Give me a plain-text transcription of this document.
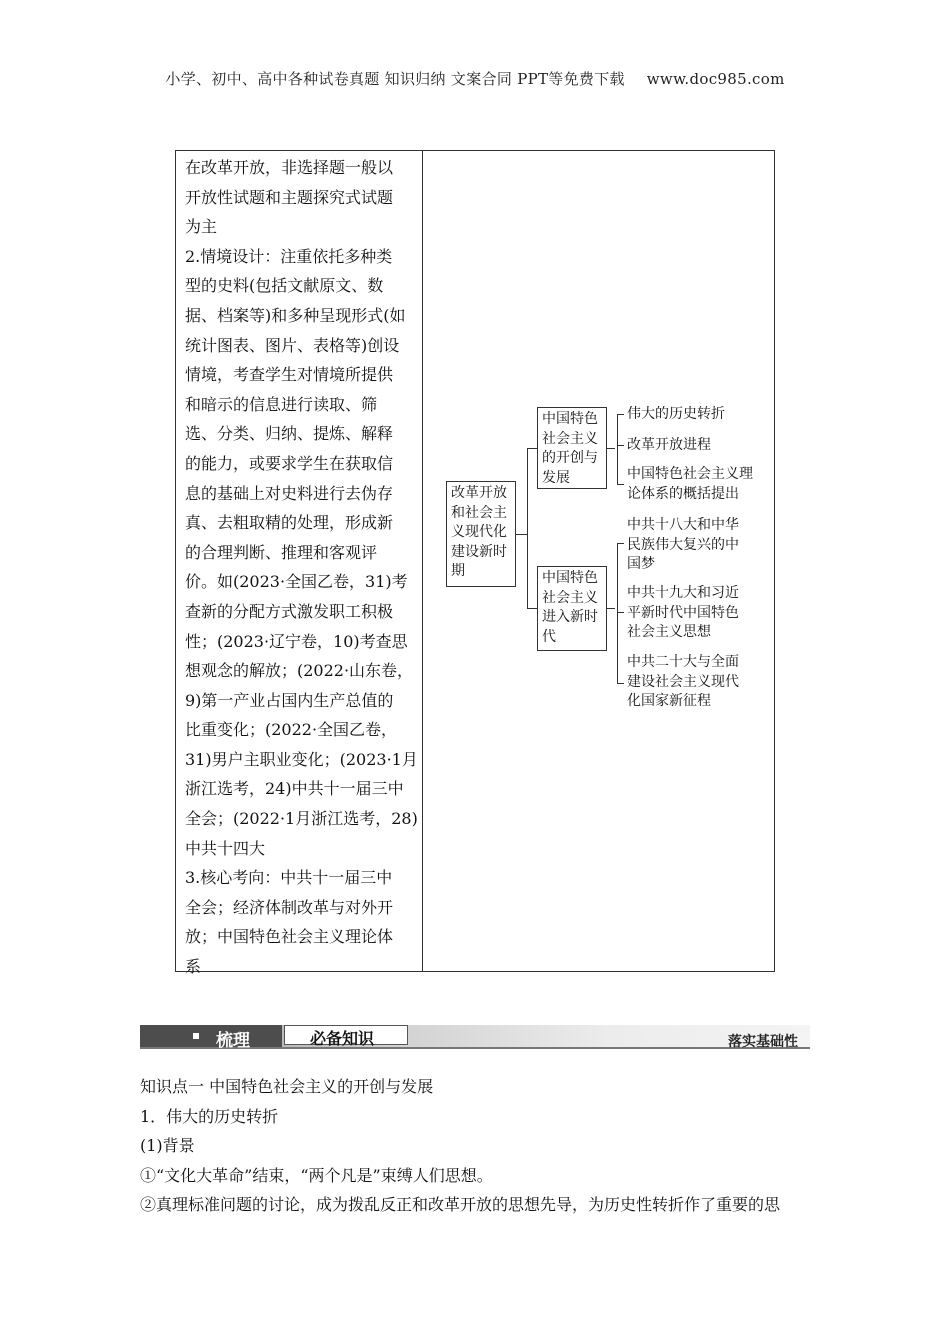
小学、初中、高中各种试卷真题 知识归纳 文案合同 PPT等免费下载 www.doc985.com
在改革开放，非选择题一般以
开放性试题和主题探究式试题
为主
2.情境设计：注重依托多种类
型的史料(包括文献原文、数
据、档案等)和多种呈现形式(如
统计图表、图片、表格等)创设
情境，考查学生对情境所提供
和暗示的信息进行读取、筛
选、分类、归纳、提炼、解释
的能力，或要求学生在获取信
息的基础上对史料进行去伪存
真、去粗取精的处理，形成新
的合理判断、推理和客观评
价。如(2023·全国乙卷，31)考
查新的分配方式激发职工积极
性；(2023·辽宁卷，10)考查思
想观念的解放；(2022·山东卷，
9)第一产业占国内生产总值的
比重变化；(2022·全国乙卷，
31)男户主职业变化；(2023·1月
浙江选考，24)中共十一届三中
全会；(2022·1月浙江选考，28)
中共十四大
3.核心考向：中共十一届三中
全会；经济体制改革与对外开
放；中国特色社会主义理论体
系
改革开放
和社会主
义现代化
建设新时
期
中国特色
社会主义
的开创与
发展
中国特色
社会主义
进入新时
代
伟大的历史转折
改革开放进程
中国特色社会主义理
论体系的概括提出
中共十八大和中华
民族伟大复兴的中
国梦
中共十九大和习近
平新时代中国特色
社会主义思想
中共二十大与全面
建设社会主义现代
化国家新征程
梳理	必备知识	落实基础性
知识点一 中国特色社会主义的开创与发展
1．伟大的历史转折
(1)背景
①“文化大革命”结束，“两个凡是”束缚人们思想。
②真理标准问题的讨论，成为拨乱反正和改革开放的思想先导，为历史性转折作了重要的思
